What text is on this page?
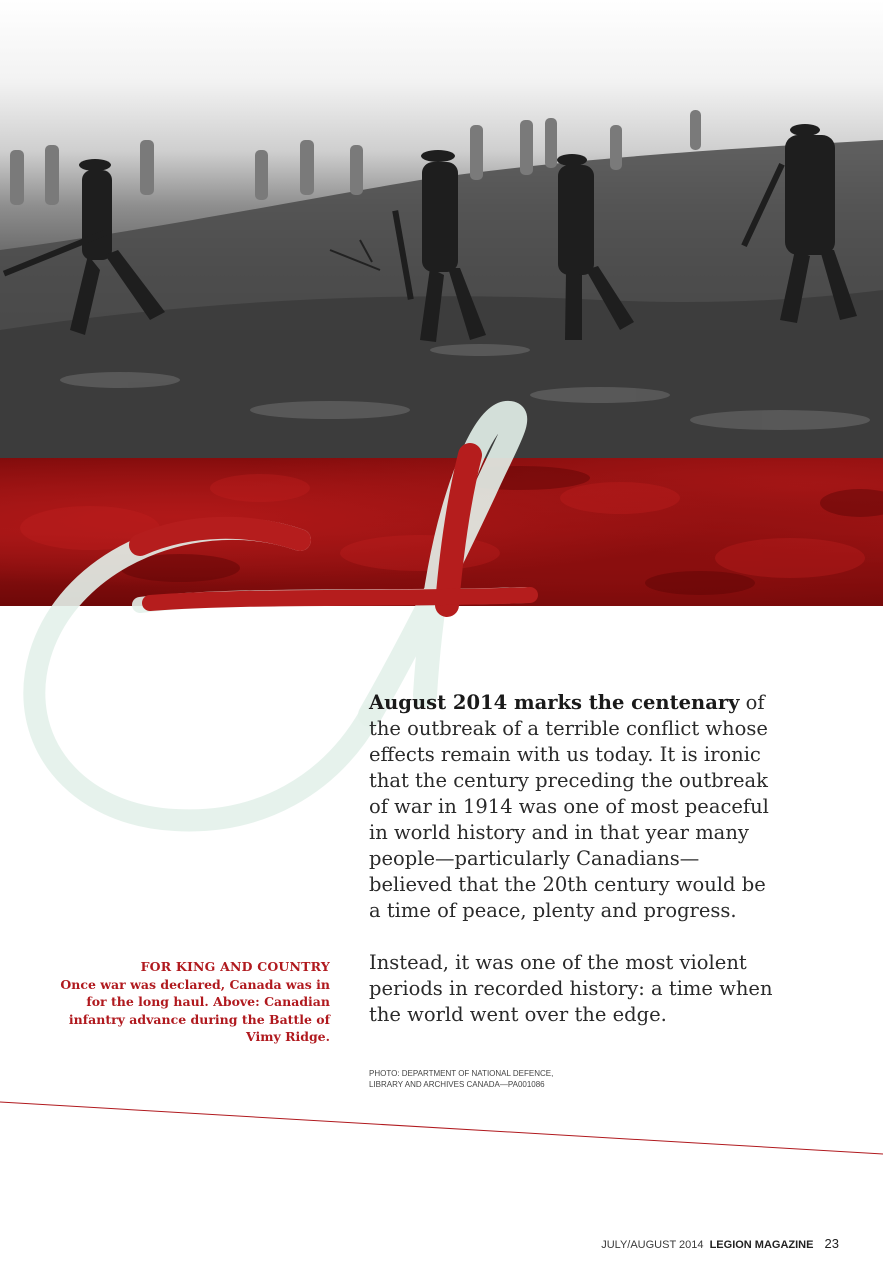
August 2014 marks the centenary of the outbreak of a terrible conflict whose effects remain with us today. It is ironic that the century preceding the outbreak of war in 1914 was one of most peaceful in world history and in that year many people—particularly Canadians—believed that the 20th century would be a time of peace, plenty and progress.

Instead, it was one of the most violent periods in recorded history: a time when the world went over the edge.

FOR KING AND COUNTRY
Once war was declared, Canada was in for the long haul. Above: Canadian infantry advance during the Battle of Vimy Ridge.
PHOTO: DEPARTMENT OF NATIONAL DEFENCE,
LIBRARY AND ARCHIVES CANADA—PA001086
JULY/AUGUST 2014 LEGION MAGAZINE 23
